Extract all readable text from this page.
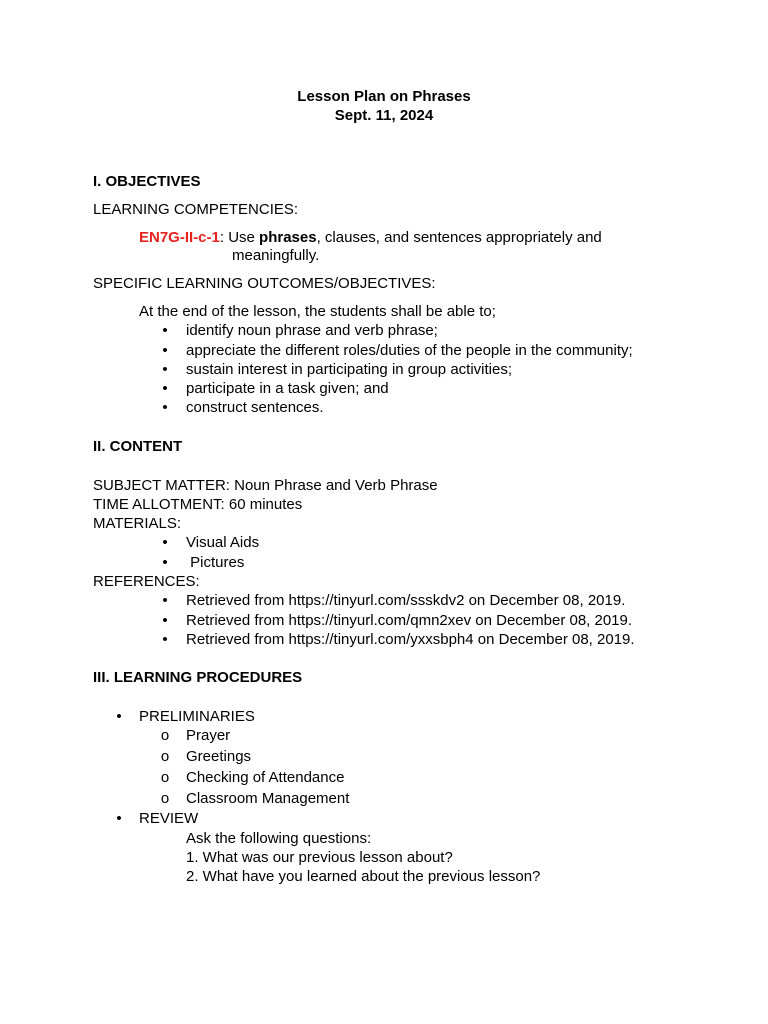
Lesson Plan on Phrases
Sept. 11, 2024
I. OBJECTIVES
LEARNING COMPETENCIES:
EN7G-II-c-1: Use phrases, clauses, and sentences appropriately and
meaningfully.
SPECIFIC LEARNING OUTCOMES/OBJECTIVES:
At the end of the lesson, the students shall be able to;
• identify noun phrase and verb phrase;
• appreciate the different roles/duties of the people in the community;
• sustain interest in participating in group activities;
• participate in a task given; and
• construct sentences.
II. CONTENT
SUBJECT MATTER: Noun Phrase and Verb Phrase
TIME ALLOTMENT: 60 minutes
MATERIALS:
• Visual Aids
• Pictures
REFERENCES:
• Retrieved from https://tinyurl.com/ssskdv2 on December 08, 2019.
• Retrieved from https://tinyurl.com/qmn2xev on December 08, 2019.
• Retrieved from https://tinyurl.com/yxxsbph4 on December 08, 2019.
III. LEARNING PROCEDURES
• PRELIMINARIES
o Prayer
o Greetings
o Checking of Attendance
o Classroom Management
• REVIEW
Ask the following questions:
1. What was our previous lesson about?
2. What have you learned about the previous lesson?
